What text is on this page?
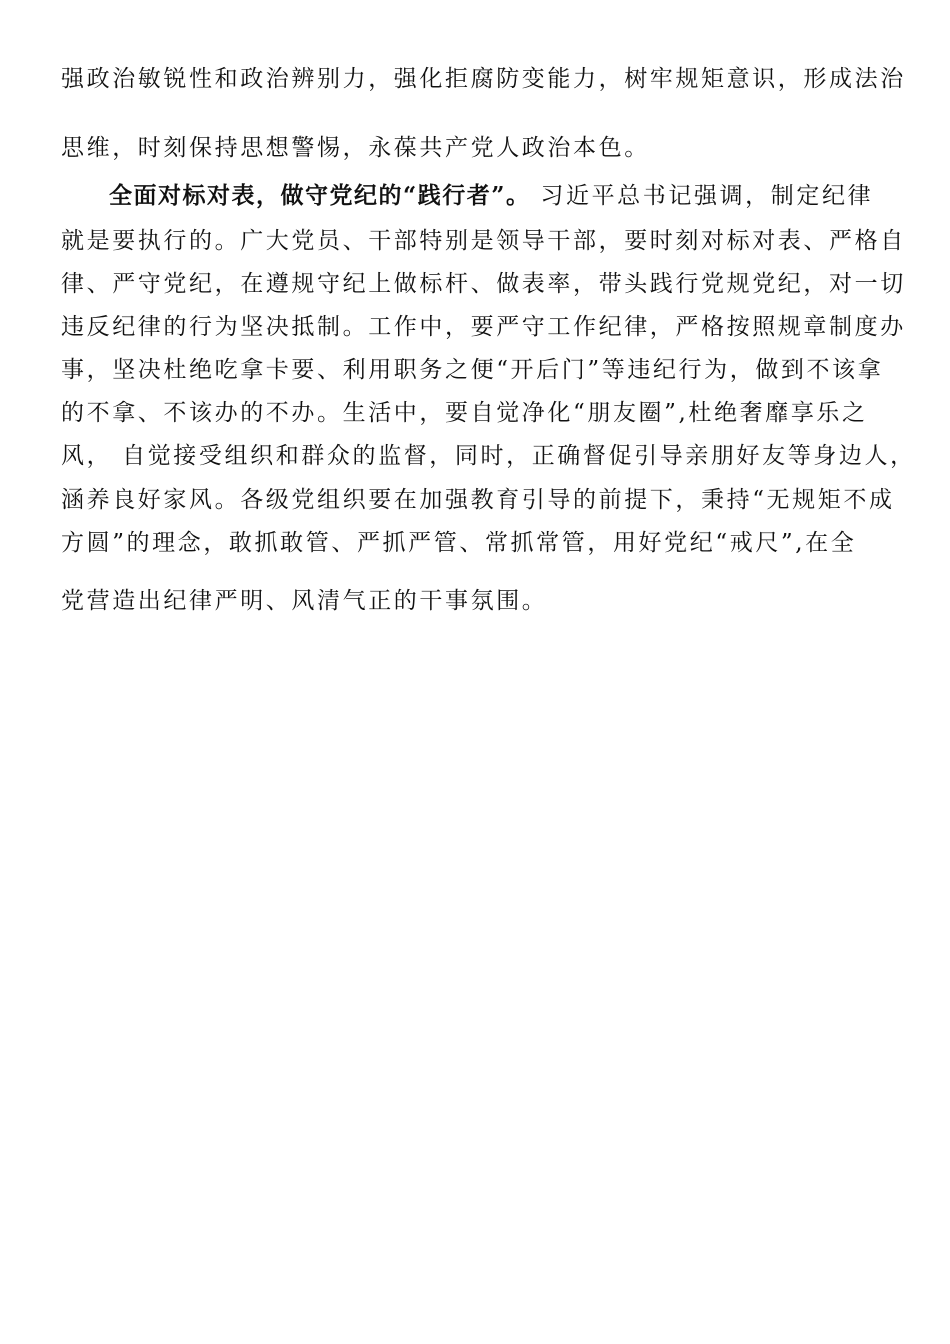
强政治敏锐性和政治辨别力，强化拒腐防变能力，树牢规矩意识，形成法治
思维，时刻保持思想警惕，永葆共产党人政治本色。
全面对标对表，做守党纪的“践行者”。 习近平总书记强调，制定纪律
就是要执行的。广大党员、干部特别是领导干部，要时刻对标对表、严格自
律、严守党纪，在遵规守纪上做标杆、做表率，带头践行党规党纪，对一切
违反纪律的行为坚决抵制。工作中，要严守工作纪律，严格按照规章制度办
事，坚决杜绝吃拿卡要、利用职务之便“开后门”等违纪行为，做到不该拿
的不拿、不该办的不办。生活中，要自觉净化“朋友圈”,杜绝奢靡享乐之
风， 自觉接受组织和群众的监督，同时，正确督促引导亲朋好友等身边人，
涵养良好家风。各级党组织要在加强教育引导的前提下，秉持“无规矩不成
方圆”的理念，敢抓敢管、严抓严管、常抓常管，用好党纪“戒尺”,在全
党营造出纪律严明、风清气正的干事氛围。
